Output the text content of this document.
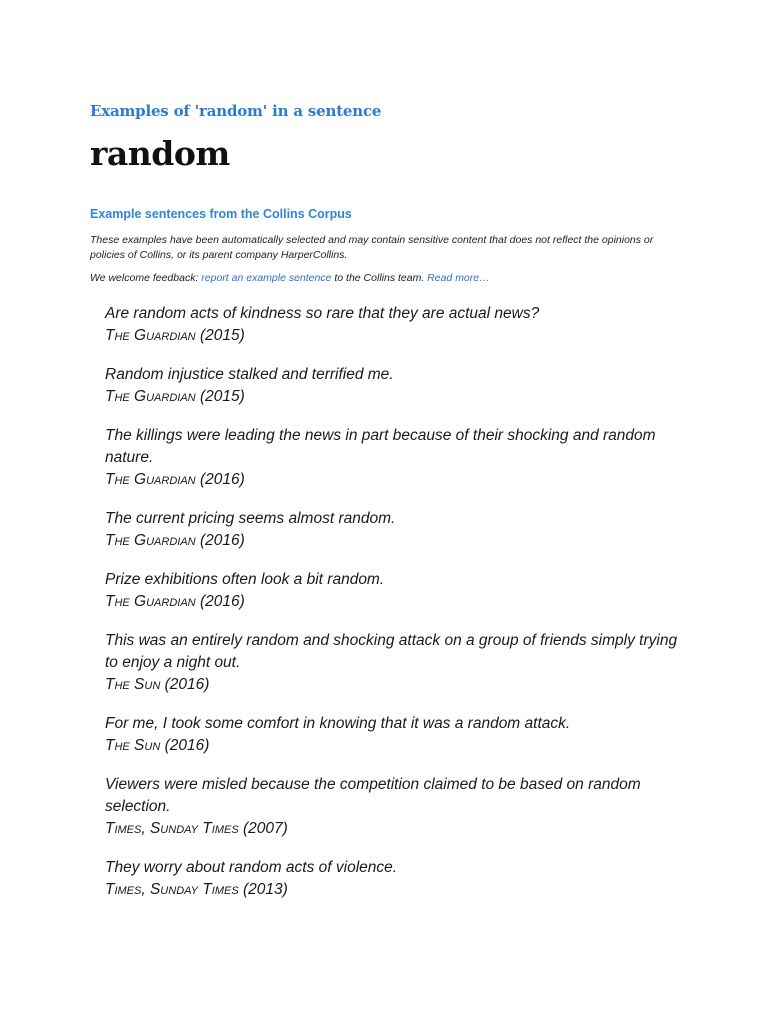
Examples of 'random' in a sentence
random
Example sentences from the Collins Corpus
These examples have been automatically selected and may contain sensitive content that does not reflect the opinions or policies of Collins, or its parent company HarperCollins.
We welcome feedback: report an example sentence to the Collins team. Read more…
Are random acts of kindness so rare that they are actual news?
The Guardian (2015)
Random injustice stalked and terrified me.
The Guardian (2015)
The killings were leading the news in part because of their shocking and random nature.
The Guardian (2016)
The current pricing seems almost random.
The Guardian (2016)
Prize exhibitions often look a bit random.
The Guardian (2016)
This was an entirely random and shocking attack on a group of friends simply trying to enjoy a night out.
The Sun (2016)
For me, I took some comfort in knowing that it was a random attack.
The Sun (2016)
Viewers were misled because the competition claimed to be based on random selection.
Times, Sunday Times (2007)
They worry about random acts of violence.
Times, Sunday Times (2013)
